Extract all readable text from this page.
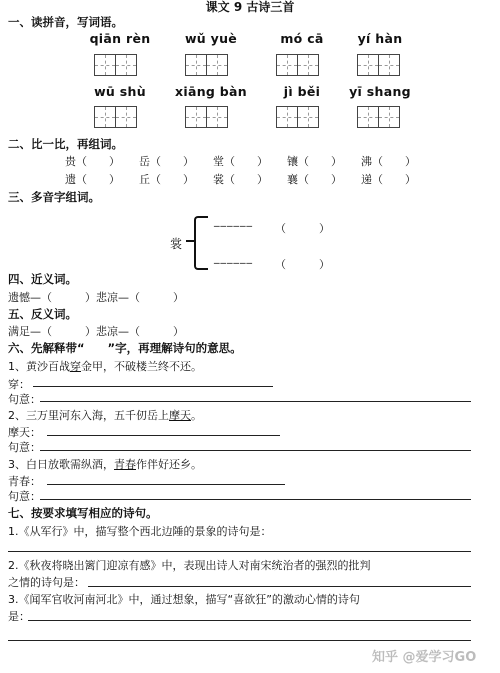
课文 9 古诗三首
一、读拼音，写词语。
qiān rèn	wǔ yuè	mó cā	yí hàn
wū shù	xiāng bàn	jì běi	yī shang
二、比一比，再组词。
贵（　　） 岳（　　） 堂（　　） 镶（　　） 沸（　　）
遗（　　） 丘（　　） 裳（　　） 襄（　　） 递（　　）
三、多音字组词。
裳
______
（　　　）
______
（　　　）
四、近义词。
遗憾—（　　　）悲凉—（　　　）
五、反义词。
满足—（　　　）悲凉—（　　　）
六、先解释带“　　”字，再理解诗句的意思。
1、黄沙百战穿金甲，不破楼兰终不还。
穿：
句意：
2、三万里河东入海，五千仞岳上摩天。
摩天：
句意：
3、白日放歌需纵酒，青春作伴好还乡。
青春：
句意：
七、按要求填写相应的诗句。
1.《从军行》中，描写整个西北边陲的景象的诗句是：
2.《秋夜将晓出篱门迎凉有感》中，表现出诗人对南宋统治者的强烈的批判
之情的诗句是：
3.《闻军官收河南河北》中，通过想象，描写“喜欲狂”的激动心情的诗句
是：
知乎 @爱学习GO
